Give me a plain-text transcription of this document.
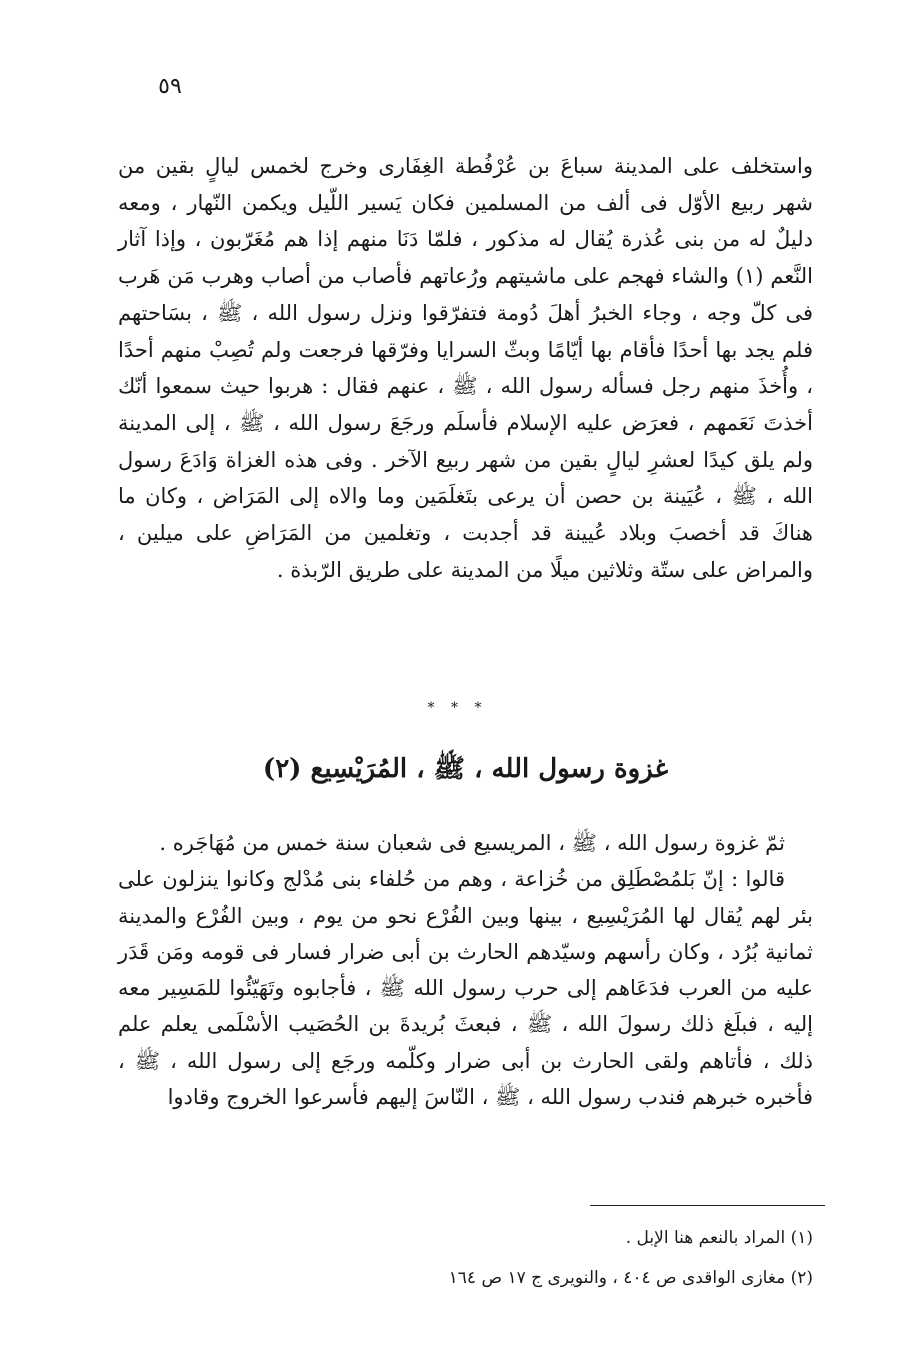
٥٩

واستخلف على المدينة سباعَ بن عُرْفُطة الغِفَارى وخرج لخمس ليالٍ بقين من شهر ربيع الأوّل فى ألف من المسلمين فكان يَسير اللّيل ويكمن النّهار ، ومعه دليلٌ له من بنى عُذرة يُقال له مذكور ، فلمّا دَنَا منهم إذا هم مُغَرّبون ، وإذا آثار النَّعم (١) والشاء فهجم على ماشيتهم ورُعاتهم فأصاب من أصاب وهرب مَن هَرب فى كلّ وجه ، وجاء الخبرُ أهلَ دُومة فتفرّقوا ونزل رسول الله ، ﷺ ، بسَاحتهم فلم يجد بها أحدًا فأقام بها أيّامًا وبثّ السرايا وفرّقها فرجعت ولم تُصِبْ منهم أحدًا ، وأُخذَ منهم رجل فسأله رسول الله ، ﷺ ، عنهم فقال : هربوا حيث سمعوا أنّك أخذتَ نَعَمهم ، فعرَض عليه الإسلام فأسلَم ورجَعَ رسول الله ، ﷺ ، إلى المدينة ولم يلق كيدًا لعشرِ ليالٍ بقين من شهر ربيع الآخر . وفى هذه الغزاة وَادَعَ رسول الله ، ﷺ ، عُيَينة بن حصن أن يرعى بتَغلَمَين وما والاه إلى المَرَاض ، وكان ما هناكَ قد أخصبَ وبلاد عُيينة قد أجدبت ، وتغلمين من المَرَاضِ على ميلين ، والمراض على ستّة وثلاثين ميلًا من المدينة على طريق الرّبذة .

* * *
غزوة رسول الله ، ﷺ ، المُرَيْسِيع (٢)

ثمّ غزوة رسول الله ، ﷺ ، المريسيع فى شعبان سنة خمس من مُهَاجَره .

قالوا : إنّ بَلمُصْطَلِق من خُزاعة ، وهم من حُلفاء بنى مُدْلج وكانوا ينزلون على بئر لهم يُقال لها المُرَيْسِيع ، بينها وبين الفُرْع نحو من يوم ، وبين الفُرْع والمدينة ثمانية بُرُد ، وكان رأسهم وسيّدهم الحارث بن أبى ضرار فسار فى قومه ومَن قَدَر عليه من العرب فدَعَاهم إلى حرب رسول الله ﷺ ، فأجابوه وتَهَيّئُوا للمَسِير معه إليه ، فبلَغ ذلك رسولَ الله ، ﷺ ، فبعثَ بُريدةَ بن الحُصَيب الأسْلَمى يعلم علم ذلك ، فأتاهم ولقى الحارث بن أبى ضرار وكلّمه ورجَع إلى رسول الله ، ﷺ ، فأخبره خبرهم فندب رسول الله ، ﷺ ، النّاسَ إليهم فأسرعوا الخروج وقادوا

(١) المراد بالنعم هنا الإبل .

(٢) مغازى الواقدى ص ٤٠٤ ، والنويرى ج ١٧ ص ١٦٤
